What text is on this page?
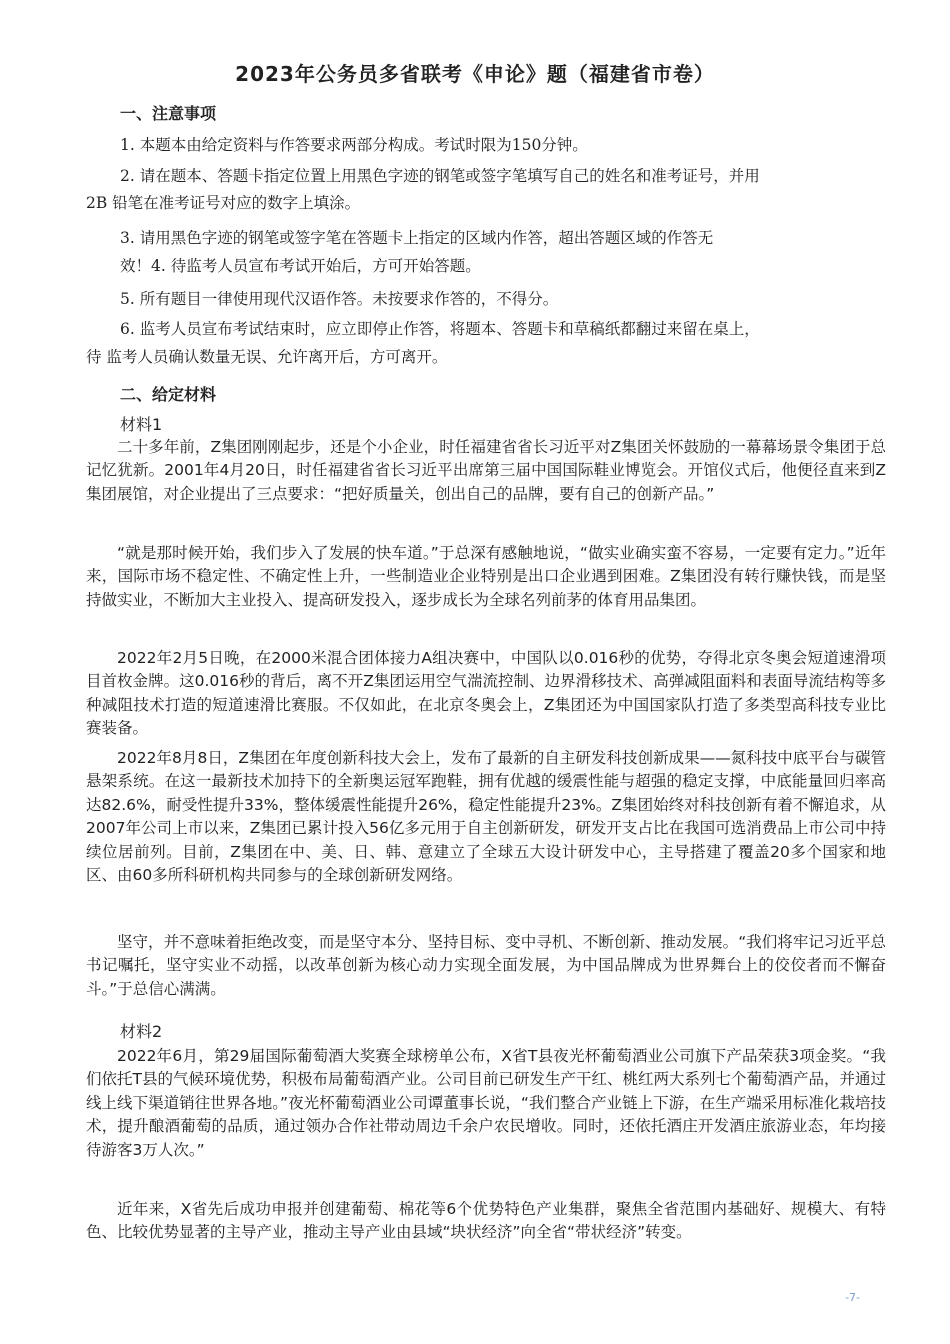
2023年公务员多省联考《申论》题（福建省市卷）
一、注意事项
1. 本题本由给定资料与作答要求两部分构成。考试时限为150分钟。
2. 请在题本、答题卡指定位置上用黑色字迹的钢笔或签字笔填写自己的姓名和准考证号，并用
2B 铅笔在准考证号对应的数字上填涂。
3. 请用黑色字迹的钢笔或签字笔在答题卡上指定的区域内作答，超出答题区域的作答无
效！4. 待监考人员宣布考试开始后，方可开始答题。
5. 所有题目一律使用现代汉语作答。未按要求作答的，不得分。
6. 监考人员宣布考试结束时，应立即停止作答，将题本、答题卡和草稿纸都翻过来留在桌上，
待 监考人员确认数量无误、允许离开后，方可离开。
二、给定材料
材料1

二十多年前，Z集团刚刚起步，还是个小企业，时任福建省省长习近平对Z集团关怀鼓励的一幕幕场景令集团于总记忆犹新。2001年4月20日，时任福建省省长习近平出席第三届中国国际鞋业博览会。开馆仪式后，他便径直来到Z集团展馆，对企业提出了三点要求：“把好质量关，创出自己的品牌，要有自己的创新产品。”

“就是那时候开始，我们步入了发展的快车道。”于总深有感触地说，“做实业确实蛮不容易，一定要有定力。”近年来，国际市场不稳定性、不确定性上升，一些制造业企业特别是出口企业遇到困难。Z集团没有转行赚快钱，而是坚持做实业，不断加大主业投入、提高研发投入，逐步成长为全球名列前茅的体育用品集团。

2022年2月5日晚，在2000米混合团体接力A组决赛中，中国队以0.016秒的优势，夺得北京冬奥会短道速滑项目首枚金牌。这0.016秒的背后，离不开Z集团运用空气湍流控制、边界滑移技术、高弹减阻面料和表面导流结构等多种减阻技术打造的短道速滑比赛服。不仅如此，在北京冬奥会上，Z集团还为中国国家队打造了多类型高科技专业比赛装备。

2022年8月8日，Z集团在年度创新科技大会上，发布了最新的自主研发科技创新成果——氮科技中底平台与碳管悬架系统。在这一最新技术加持下的全新奥运冠军跑鞋，拥有优越的缓震性能与超强的稳定支撑，中底能量回归率高达82.6%，耐受性提升33%，整体缓震性能提升26%，稳定性能提升23%。Z集团始终对科技创新有着不懈追求，从2007年公司上市以来，Z集团已累计投入56亿多元用于自主创新研发，研发开支占比在我国可选消费品上市公司中持续位居前列。目前，Z集团在中、美、日、韩、意建立了全球五大设计研发中心，主导搭建了覆盖20多个国家和地区、由60多所科研机构共同参与的全球创新研发网络。

坚守，并不意味着拒绝改变，而是坚守本分、坚持目标、变中寻机、不断创新、推动发展。“我们将牢记习近平总书记嘱托，坚守实业不动摇，以改革创新为核心动力实现全面发展，为中国品牌成为世界舞台上的佼佼者而不懈奋斗。”于总信心满满。

材料2

2022年6月，第29届国际葡萄酒大奖赛全球榜单公布，X省T县夜光杯葡萄酒业公司旗下产品荣获3项金奖。“我们依托T县的气候环境优势，积极布局葡萄酒产业。公司目前已研发生产干红、桃红两大系列七个葡萄酒产品，并通过线上线下渠道销往世界各地。”夜光杯葡萄酒业公司谭董事长说，“我们整合产业链上下游，在生产端采用标准化栽培技术，提升酿酒葡萄的品质，通过领办合作社带动周边千余户农民增收。同时，还依托酒庄开发酒庄旅游业态，年均接待游客3万人次。”

近年来，X省先后成功申报并创建葡萄、棉花等6个优势特色产业集群，聚焦全省范围内基础好、规模大、有特色、比较优势显著的主导产业，推动主导产业由县域“块状经济”向全省“带状经济”转变。

-7-
